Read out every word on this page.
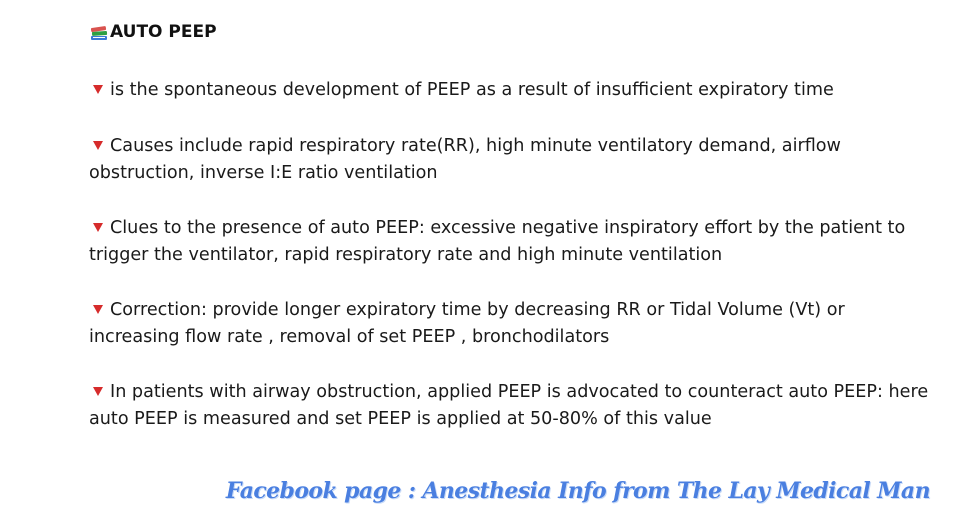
AUTO PEEP
is the spontaneous development of PEEP as a result of insufficient expiratory time
Causes include rapid respiratory rate(RR), high minute ventilatory demand, airflow obstruction, inverse I:E ratio ventilation
Clues to the presence of auto PEEP: excessive negative inspiratory effort by the patient to trigger the ventilator, rapid respiratory rate and high minute ventilation
Correction: provide longer expiratory time by decreasing RR or Tidal Volume (Vt) or increasing flow rate , removal of set PEEP , bronchodilators
In patients with airway obstruction, applied PEEP is advocated to counteract auto PEEP: here auto PEEP is measured and set PEEP is applied at 50-80% of this value
Facebook page : Anesthesia Info from The Lay Medical Man
